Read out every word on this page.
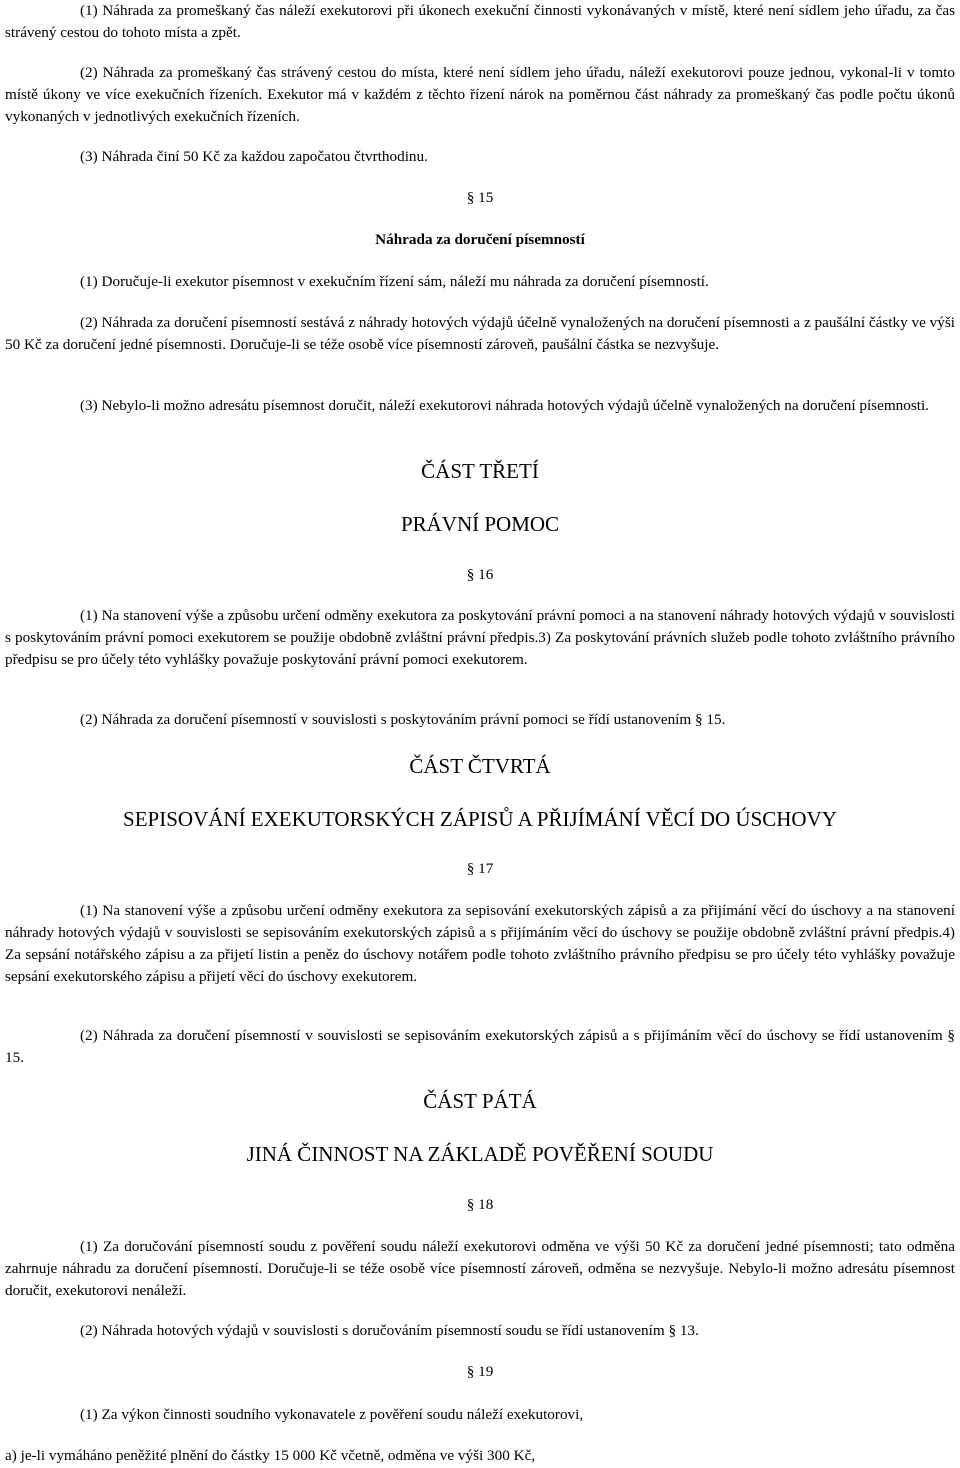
(1) Náhrada za promeškaný čas náleží exekutorovi při úkonech exekuční činnosti vykonávaných v místě, které není sídlem jeho úřadu, za čas strávený cestou do tohoto místa a zpět.

(2) Náhrada za promeškaný čas strávený cestou do místa, které není sídlem jeho úřadu, náleží exekutorovi pouze jednou, vykonal-li v tomto místě úkony ve více exekučních řízeních. Exekutor má v každém z těchto řízení nárok na poměrnou část náhrady za promeškaný čas podle počtu úkonů vykonaných v jednotlivých exekučních řízeních.

(3) Náhrada činí 50 Kč za každou započatou čtvrthodinu.

§ 15

Náhrada za doručení písemností

(1) Doručuje-li exekutor písemnost v exekučním řízení sám, náleží mu náhrada za doručení písemností.

(2) Náhrada za doručení písemností sestává z náhrady hotových výdajů účelně vynaložených na doručení písemnosti a z paušální částky ve výši 50 Kč za doručení jedné písemnosti. Doručuje-li se téže osobě více písemností zároveň, paušální částka se nezvyšuje.

(3) Nebylo-li možno adresátu písemnost doručit, náleží exekutorovi náhrada hotových výdajů účelně vynaložených na doručení písemnosti.

ČÁST TŘETÍ

PRÁVNÍ POMOC

§ 16

(1) Na stanovení výše a způsobu určení odměny exekutora za poskytování právní pomoci a na stanovení náhrady hotových výdajů v souvislosti s poskytováním právní pomoci exekutorem se použije obdobně zvláštní právní předpis.3) Za poskytování právních služeb podle tohoto zvláštního právního předpisu se pro účely této vyhlášky považuje poskytování právní pomoci exekutorem.

(2) Náhrada za doručení písemností v souvislosti s poskytováním právní pomoci se řídí ustanovením § 15.

ČÁST ČTVRTÁ

SEPISOVÁNÍ EXEKUTORSKÝCH ZÁPISŮ A PŘIJÍMÁNÍ VĚCÍ DO ÚSCHOVY

§ 17

(1) Na stanovení výše a způsobu určení odměny exekutora za sepisování exekutorských zápisů a za přijímání věcí do úschovy a na stanovení náhrady hotových výdajů v souvislosti se sepisováním exekutorských zápisů a s přijímáním věcí do úschovy se použije obdobně zvláštní právní předpis.4) Za sepsání notářského zápisu a za přijetí listin a peněz do úschovy notářem podle tohoto zvláštního právního předpisu se pro účely této vyhlášky považuje sepsání exekutorského zápisu a přijetí věcí do úschovy exekutorem.

(2) Náhrada za doručení písemností v souvislosti se sepisováním exekutorských zápisů a s přijímáním věcí do úschovy se řídí ustanovením § 15.

ČÁST PÁTÁ

JINÁ ČINNOST NA ZÁKLADĚ POVĚŘENÍ SOUDU

§ 18

(1) Za doručování písemností soudu z pověření soudu náleží exekutorovi odměna ve výši 50 Kč za doručení jedné písemnosti; tato odměna zahrnuje náhradu za doručení písemností. Doručuje-li se téže osobě více písemností zároveň, odměna se nezvyšuje. Nebylo-li možno adresátu písemnost doručit, exekutorovi nenáleží.

(2) Náhrada hotových výdajů v souvislosti s doručováním písemností soudu se řídí ustanovením § 13.

§ 19

(1) Za výkon činnosti soudního vykonavatele z pověření soudu náleží exekutorovi,

a) je-li vymáháno peněžité plnění do částky 15 000 Kč včetně, odměna ve výši 300 Kč,
